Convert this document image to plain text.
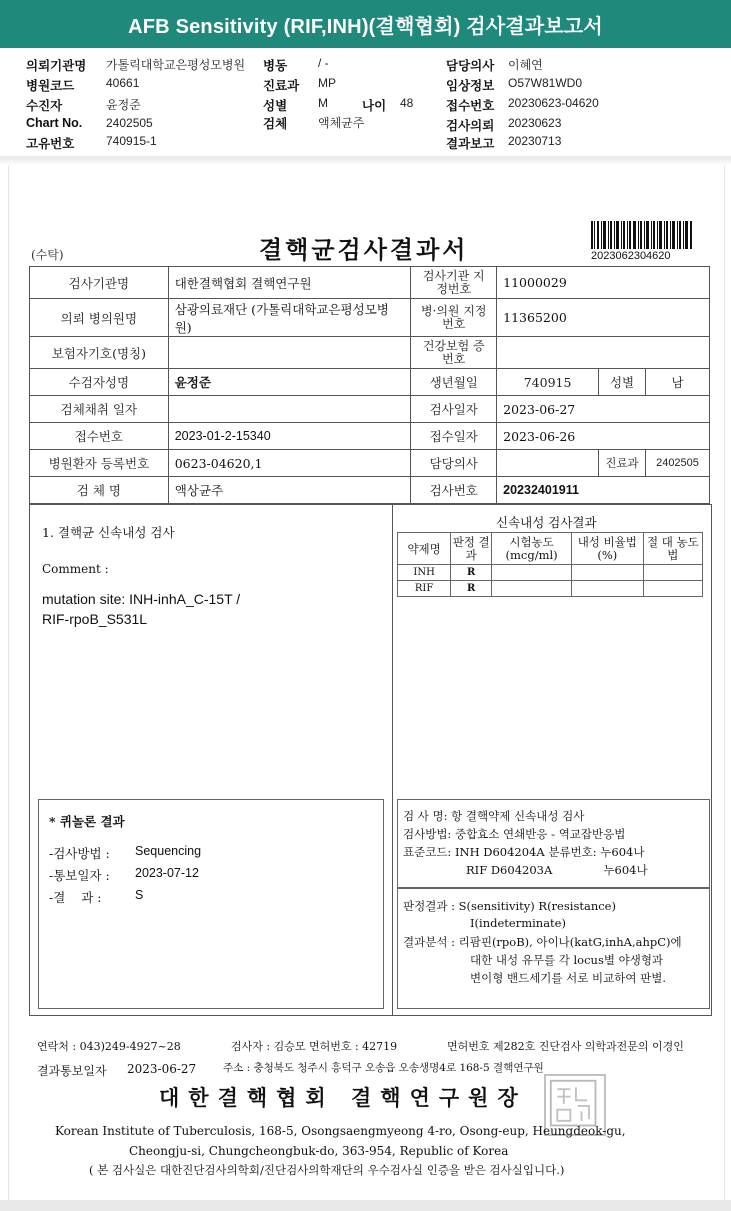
AFB Sensitivity (RIF,INH)(결핵협회) 검사결과보고서
의뢰기관명 가톨릭대학교은평성모병원
병원코드	40661
수진자	윤정준
Chart No. 2402505
고유번호	740915-1
병동	/ -
진료과 MP
성별	M
검체	액체균주
나이 48
담당의사 이혜연
임상정보 O57W81WD0
접수번호 20230623-04620
검사의뢰 20230623
결과보고 20230713
(수탁)	결핵균검사결과서	2023062304620
검사기관명	대한결핵협회 결핵연구원	검사기관 지정번호	11000029		
의뢰 병의원명	삼광의료재단 (가톨릭대학교은평성모병원)	병·의원 지정번호	11365200		
보험자기호(명칭)		건강보험 증번호			
수검자성명	윤정준	생년월일	740915	성별	남
검체채취 일자		검사일자	2023-06-27		
접수번호	2023-01-2-15340	접수일자	2023-06-26		
병원환자 등록번호	0623-04620,1	담당의사		진료과	2402505
검 체 명	액상균주	검사번호	20232401911		
1. 결핵균 신속내성 검사
Comment :
mutation site: INH-inhA_C-15T /
RIF-rpoB_S531L
* 퀴놀론 결과
-검사방법 : Sequencing
-통보일자 : 2023-07-12
-결    과 :	S
신속내성 검사결과
약제명	판정 결과	시험농도 (mcg/ml)	내성 비율법(%)	절 대 농도법
INH	R			
RIF	R			
검 사 명: 항 결핵약제 신속내성 검사
검사방법: 중합효소 연쇄반응 - 역교잡반응법
표준코드: INH D604204A 분류번호: 누604나
RIF D604203A              누604나
판정결과 : S(sensitivity) R(resistance)
I(indeterminate)
결과분석 : 리팜핀(rpoB), 아이나(katG,inhA,ahpC)에
대한 내성 유무를 각 locus별 야생형과
변이형 밴드세기를 서로 비교하여 판별.
연락처 : 043)249-4927~28	검사자 : 김승모 면허번호 : 42719	면허번호 제282호 진단검사 의학과전문의 이경인
결과통보일자 2023-06-27	주소 : 충청북도 청주시 흥덕구 오송읍 오송생명4로 168-5 결핵연구원
대한결핵협회 결핵연구원장
Korean Institute of Tuberculosis, 168-5, Osongsaengmyeong 4-ro, Osong-eup, Heungdeok-gu,
Cheongju-si, Chungcheongbuk-do, 363-954, Republic of Korea
( 본 검사실은 대한진단검사의학회/진단검사의학재단의 우수검사실 인증을 받은 검사실입니다.)
